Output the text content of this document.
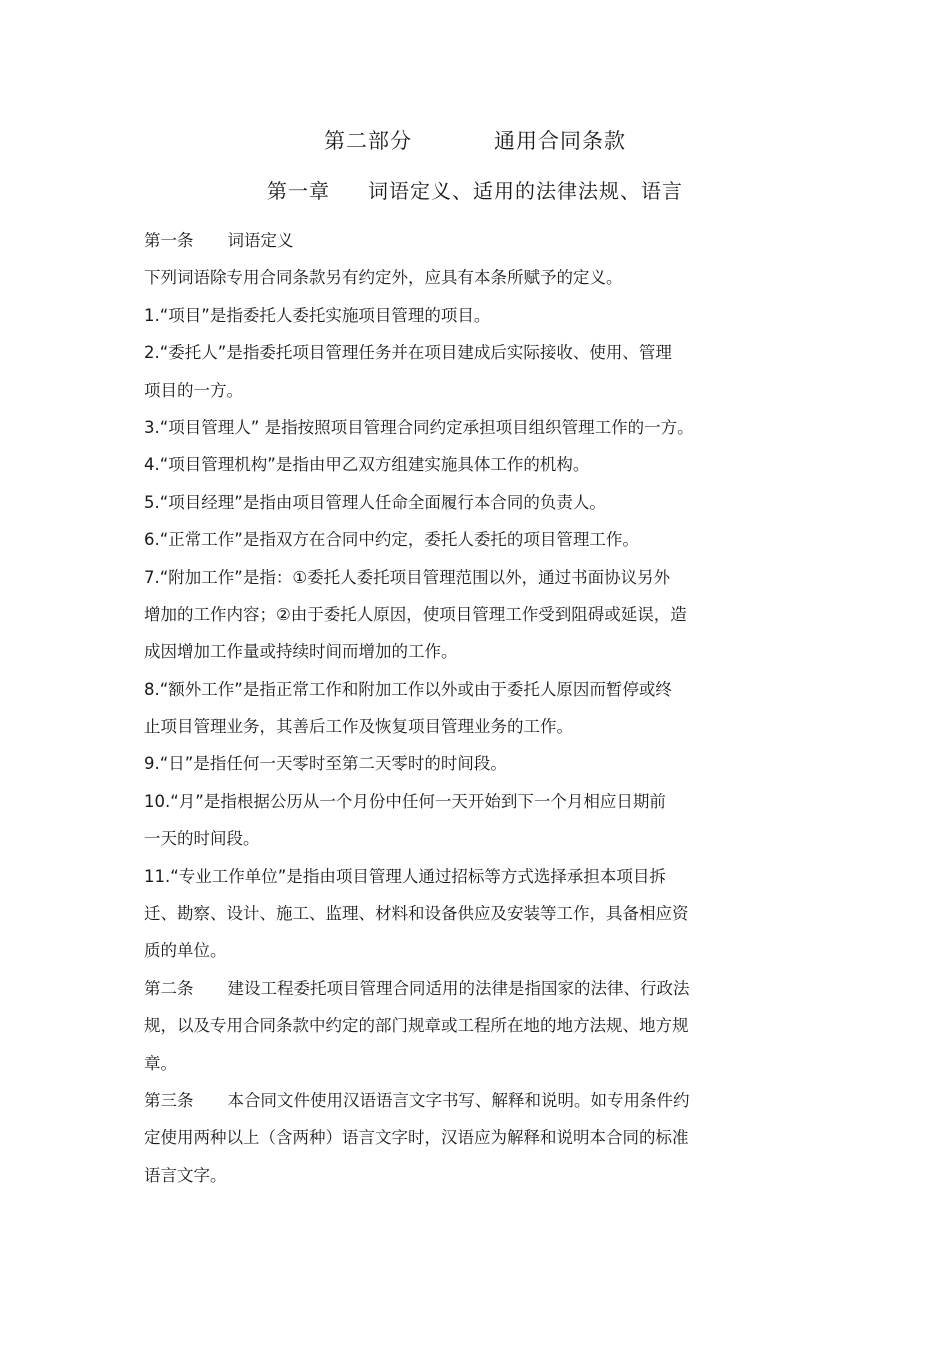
第二部分	通用合同条款
第一章 词语定义、适用的法律法规、语言
第一条 词语定义
下列词语除专用合同条款另有约定外，应具有本条所赋予的定义。
1.“项目”是指委托人委托实施项目管理的项目。
2.“委托人”是指委托项目管理任务并在项目建成后实际接收、使用、管理
项目的一方。
3.“项目管理人” 是指按照项目管理合同约定承担项目组织管理工作的一方。
4.“项目管理机构”是指由甲乙双方组建实施具体工作的机构。
5.“项目经理”是指由项目管理人任命全面履行本合同的负责人。
6.“正常工作”是指双方在合同中约定，委托人委托的项目管理工作。
7.“附加工作”是指：①委托人委托项目管理范围以外，通过书面协议另外
增加的工作内容；②由于委托人原因，使项目管理工作受到阻碍或延误，造
成因增加工作量或持续时间而增加的工作。
8.“额外工作”是指正常工作和附加工作以外或由于委托人原因而暂停或终
止项目管理业务，其善后工作及恢复项目管理业务的工作。
9.“日”是指任何一天零时至第二天零时的时间段。
10.“月”是指根据公历从一个月份中任何一天开始到下一个月相应日期前
一天的时间段。
11.“专业工作单位”是指由项目管理人通过招标等方式选择承担本项目拆
迁、勘察、设计、施工、监理、材料和设备供应及安装等工作，具备相应资
质的单位。
第二条 建设工程委托项目管理合同适用的法律是指国家的法律、行政法
规，以及专用合同条款中约定的部门规章或工程所在地的地方法规、地方规
章。
第三条 本合同文件使用汉语语言文字书写、解释和说明。如专用条件约
定使用两种以上（含两种）语言文字时，汉语应为解释和说明本合同的标准
语言文字。
